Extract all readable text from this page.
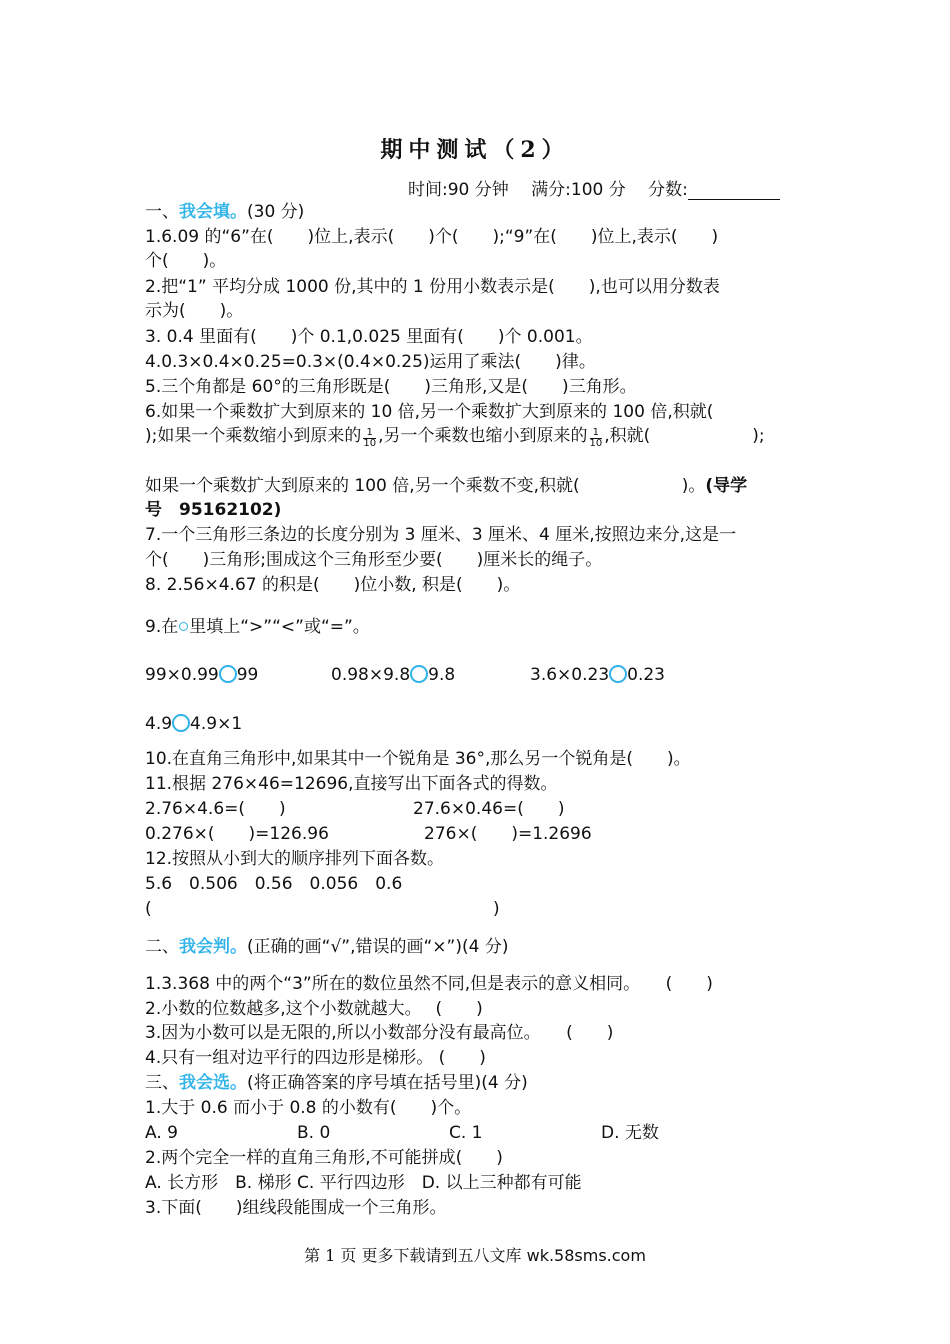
期中测试（2）
时间:90 分钟　 满分:100 分　 分数:
一、我会填。(30 分)
1.6.09 的“6”在(　　)位上,表示(　　)个(　　);“9”在(　　)位上,表示(　　)
个(　　)。
2.把“1” 平均分成 1000 份,其中的 1 份用小数表示是(　　),也可以用分数表
示为(　　)。
3. 0.4 里面有(　　)个 0.1,0.025 里面有(　　)个 0.001。
4.0.3×0.4×0.25=0.3×(0.4×0.25)运用了乘法(　　)律。
5.三个角都是 60°的三角形既是(　　)三角形,又是(　　)三角形。
6.如果一个乘数扩大到原来的 10 倍,另一个乘数扩大到原来的 100 倍,积就(
);如果一个乘数缩小到原来的 $\frac{1}{10}$ ,另一个乘数也缩小到原来的 $\frac{1}{10}$ ,积就(　　　　　　);
如果一个乘数扩大到原来的 100 倍,另一个乘数不变,积就(　　　　　　)。(导学
号　95162102)
7.一个三角形三条边的长度分别为 3 厘米、3 厘米、4 厘米,按照边来分,这是一
个(　　)三角形;围成这个三角形至少要(　　)厘米长的绳子。
8. 2.56×4.67 的积是(　　)位小数, 积是(　　)。
9.在 里填上“>”“<”或“=”。
99×0.99 99	0.98×9.8 9.8	3.6×0.23 0.23
4.9 4.9×1
10.在直角三角形中,如果其中一个锐角是 36°,那么另一个锐角是(　　)。
11.根据 276×46=12696,直接写出下面各式的得数。
2.76×4.6=(　　)	27.6×0.46=(　　)
0.276×(　　)=126.96	276×(　　)=1.2696
12.按照从小到大的顺序排列下面各数。
5.6　0.506　0.56　0.056　0.6
(	)
二、我会判。(正确的画“√”,错误的画“×”)(4 分)
1.3.368 中的两个“3”所在的数位虽然不同,但是表示的意义相同。　　(　　)
2.小数的位数越多,这个小数就越大。　 (　　)
3.因为小数可以是无限的,所以小数部分没有最高位。　　(　　)
4.只有一组对边平行的四边形是梯形。 (　　)
三、我会选。(将正确答案的序号填在括号里)(4 分)
1.大于 0.6 而小于 0.8 的小数有(　　)个。
A. 9	B. 0	C. 1	D. 无数
2.两个完全一样的直角三角形,不可能拼成(　　)
A. 长方形　B. 梯形 C. 平行四边形　D. 以上三种都有可能
3.下面(　　)组线段能围成一个三角形。
第 1 页 更多下载请到五八文库 wk.58sms.com
